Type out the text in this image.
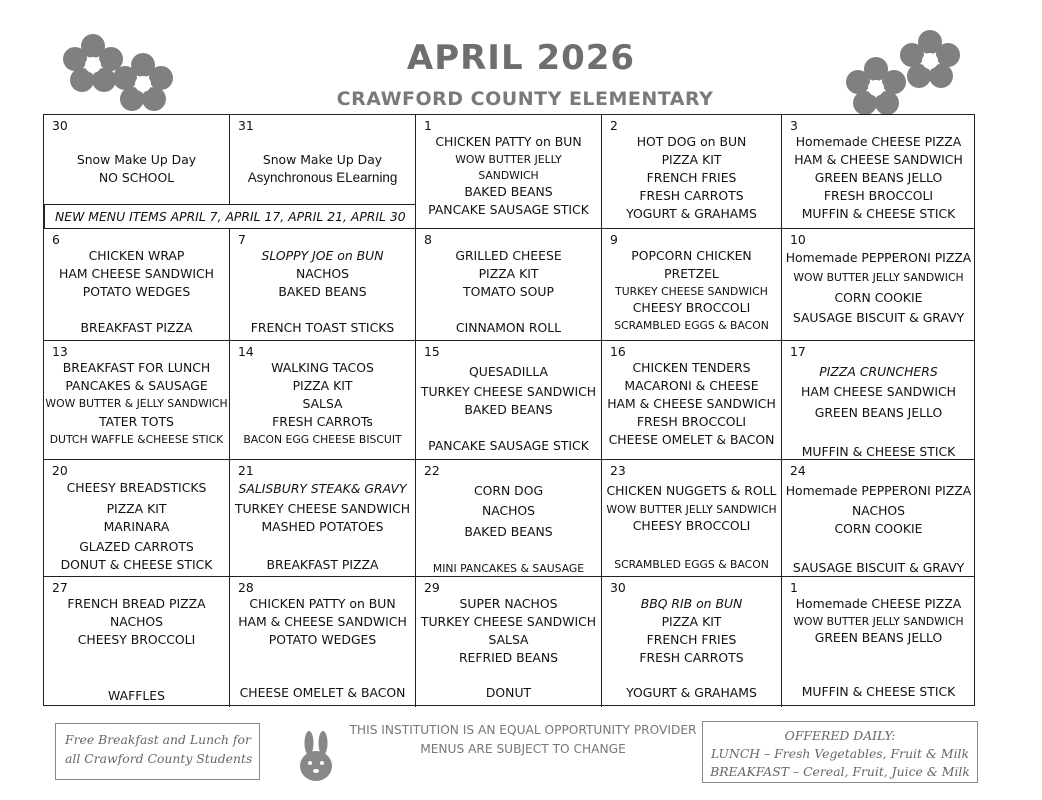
APRIL 2026
CRAWFORD COUNTY ELEMENTARY
1
Homemade CHEESE PIZZA
WOW BUTTER JELLY SANDWICH
GREEN BEANS JELLO
MUFFIN & CHEESE STICK
30
BBQ RIB on BUN
PIZZA KIT
FRENCH FRIES
FRESH CARROTS
YOGURT & GRAHAMS
29
SUPER NACHOS
TURKEY CHEESE SANDWICH
SALSA
REFRIED BEANS
DONUT
28
CHICKEN PATTY on BUN
HAM & CHEESE SANDWICH
POTATO WEDGES
CHEESE OMELET & BACON
27
FRENCH BREAD PIZZA
NACHOS
CHEESY BROCCOLI
WAFFLES
24
Homemade PEPPERONI PIZZA
NACHOS
CORN COOKIE
SAUSAGE BISCUIT & GRAVY
23
CHICKEN NUGGETS & ROLL
WOW BUTTER JELLY SANDWICH
CHEESY BROCCOLI
SCRAMBLED EGGS & BACON
22
CORN DOG
NACHOS
BAKED BEANS
MINI PANCAKES & SAUSAGE
21
SALISBURY STEAK& GRAVY
TURKEY CHEESE SANDWICH
MASHED POTATOES
BREAKFAST PIZZA
20
CHEESY BREADSTICKS
PIZZA KIT
MARINARA
GLAZED CARROTS
DONUT & CHEESE STICK
17
PIZZA CRUNCHERS
HAM CHEESE SANDWICH
GREEN BEANS JELLO
MUFFIN & CHEESE STICK
16
CHICKEN TENDERS
MACARONI & CHEESE
HAM & CHEESE SANDWICH
FRESH BROCCOLI
CHEESE OMELET & BACON
15
QUESADILLA
TURKEY CHEESE SANDWICH
BAKED BEANS
PANCAKE SAUSAGE STICK
14
WALKING TACOS
PIZZA KIT
SALSA
FRESH CARROTs
BACON EGG CHEESE BISCUIT
13
BREAKFAST FOR LUNCH
PANCAKES & SAUSAGE
WOW BUTTER & JELLY SANDWICH
TATER TOTS
DUTCH WAFFLE &CHEESE STICK
10
Homemade PEPPERONI PIZZA
WOW BUTTER JELLY SANDWICH
CORN COOKIE
SAUSAGE BISCUIT & GRAVY
9
POPCORN CHICKEN
PRETZEL
TURKEY CHEESE SANDWICH
CHEESY BROCCOLI
SCRAMBLED EGGS & BACON
8
GRILLED CHEESE
PIZZA KIT
TOMATO SOUP
CINNAMON ROLL
7
SLOPPY JOE on BUN
NACHOS
BAKED BEANS
FRENCH TOAST STICKS
6
CHICKEN WRAP
HAM CHEESE SANDWICH
POTATO WEDGES
BREAKFAST PIZZA
3
Homemade CHEESE PIZZA
HAM & CHEESE SANDWICH
GREEN BEANS JELLO
FRESH BROCCOLI
MUFFIN & CHEESE STICK
2
HOT DOG on BUN
PIZZA KIT
FRENCH FRIES
FRESH CARROTS
YOGURT & GRAHAMS
1
CHICKEN PATTY on BUN
WOW BUTTER JELLY
SANDWICH
BAKED BEANS
PANCAKE SAUSAGE STICK
31
Snow Make Up Day
Asynchronous ELearning
30
Snow Make Up Day
NO SCHOOL
NEW MENU ITEMS APRIL 7, APRIL 17, APRIL 21, APRIL 30
Free Breakfast and Lunch for
all Crawford County Students
THIS INSTITUTION IS AN EQUAL OPPORTUNITY PROVIDER
MENUS ARE SUBJECT TO CHANGE
OFFERED DAILY:
LUNCH – Fresh Vegetables, Fruit & Milk
BREAKFAST – Cereal, Fruit, Juice & Milk
